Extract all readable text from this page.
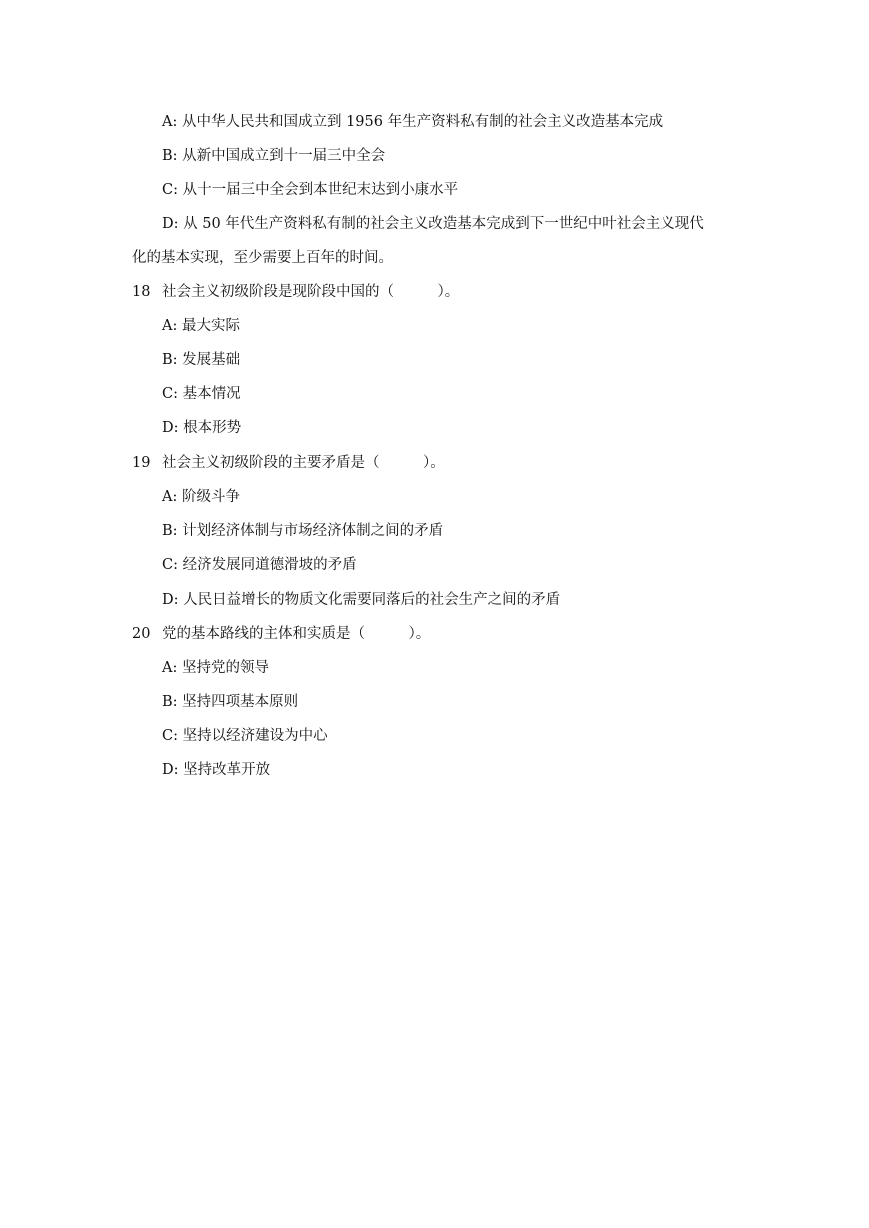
A: 从中华人民共和国成立到 1956 年生产资料私有制的社会主义改造基本完成
B: 从新中国成立到十一届三中全会
C: 从十一届三中全会到本世纪末达到小康水平
D: 从 50 年代生产资料私有制的社会主义改造基本完成到下一世纪中叶社会主义现代
化的基本实现，至少需要上百年的时间。
18 社会主义初级阶段是现阶段中国的（　　　）。
A: 最大实际
B: 发展基础
C: 基本情况
D: 根本形势
19 社会主义初级阶段的主要矛盾是（　　　）。
A: 阶级斗争
B: 计划经济体制与市场经济体制之间的矛盾
C: 经济发展同道德滑坡的矛盾
D: 人民日益增长的物质文化需要同落后的社会生产之间的矛盾
20 党的基本路线的主体和实质是（　　　）。
A: 坚持党的领导
B: 坚持四项基本原则
C: 坚持以经济建设为中心
D: 坚持改革开放
